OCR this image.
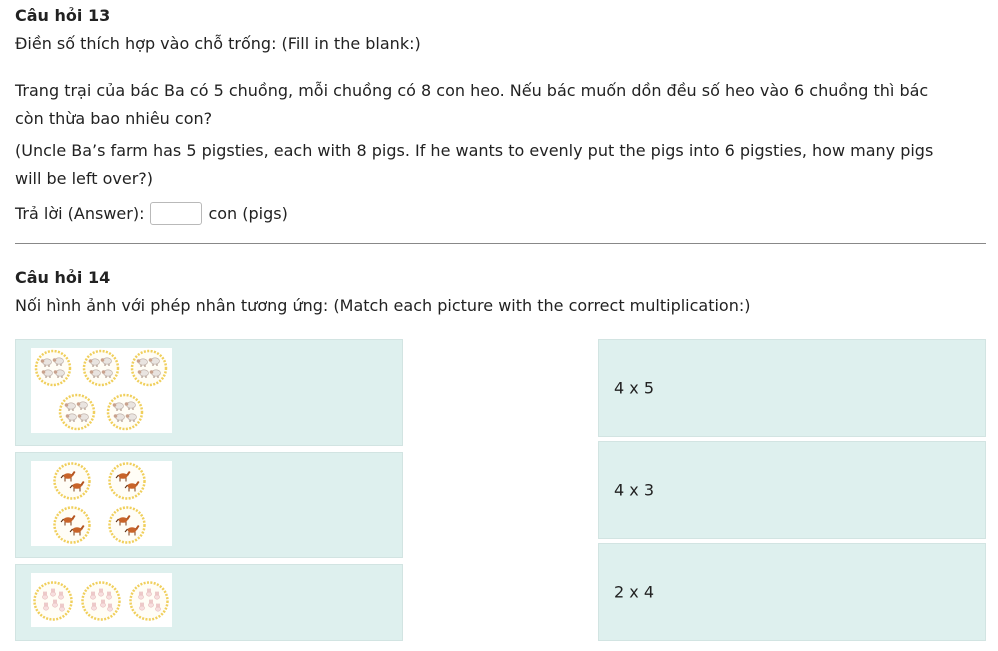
Câu hỏi 13
Điền số thích hợp vào chỗ trống: (Fill in the blank:)
Trang trại của bác Ba có 5 chuồng, mỗi chuồng có 8 con heo. Nếu bác muốn dồn đều số heo vào 6 chuồng thì bác
còn thừa bao nhiêu con?
(Uncle Ba’s farm has 5 pigsties, each with 8 pigs. If he wants to evenly put the pigs into 6 pigsties, how many pigs
will be left over?)
Trả lời (Answer):	con (pigs)
Câu hỏi 14
Nối hình ảnh với phép nhân tương ứng: (Match each picture with the correct multiplication:)
4 x 5
4 x 3
2 x 4
